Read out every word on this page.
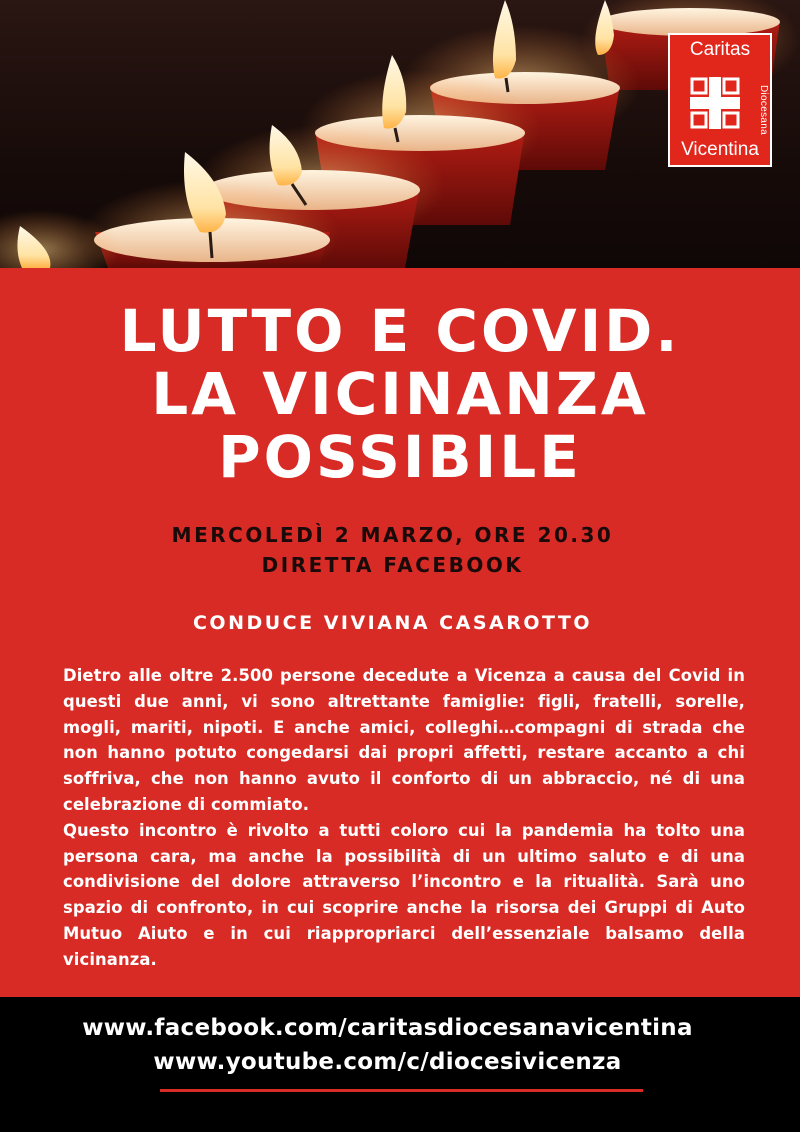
Caritas
Diocesana
Vicentina
LUTTO E COVID.
LA VICINANZA
POSSIBILE
MERCOLEDÌ 2 MARZO, ORE 20.30
DIRETTA FACEBOOK
CONDUCE VIVIANA CASAROTTO

Dietro alle oltre 2.500 persone decedute a Vicenza a causa del Covid in questi due anni, vi sono altrettante famiglie: figli, fratelli, sorelle, mogli, mariti, nipoti. E anche amici, colleghi…compagni di strada che non hanno potuto congedarsi dai propri affetti, restare accanto a chi soffriva, che non hanno avuto il conforto di un abbraccio, né di una celebrazione di commiato.

Questo incontro è rivolto a tutti coloro cui la pandemia ha tolto una persona cara, ma anche la possibilità di un ultimo saluto e di una condivisione del dolore attraverso l’incontro e la ritualità. Sarà uno spazio di confronto, in cui scoprire anche la risorsa dei Gruppi di Auto Mutuo Aiuto e in cui riappropriarci dell’essenziale balsamo della vicinanza.

www.facebook.com/caritasdiocesanavicentina
www.youtube.com/c/diocesivicenza
